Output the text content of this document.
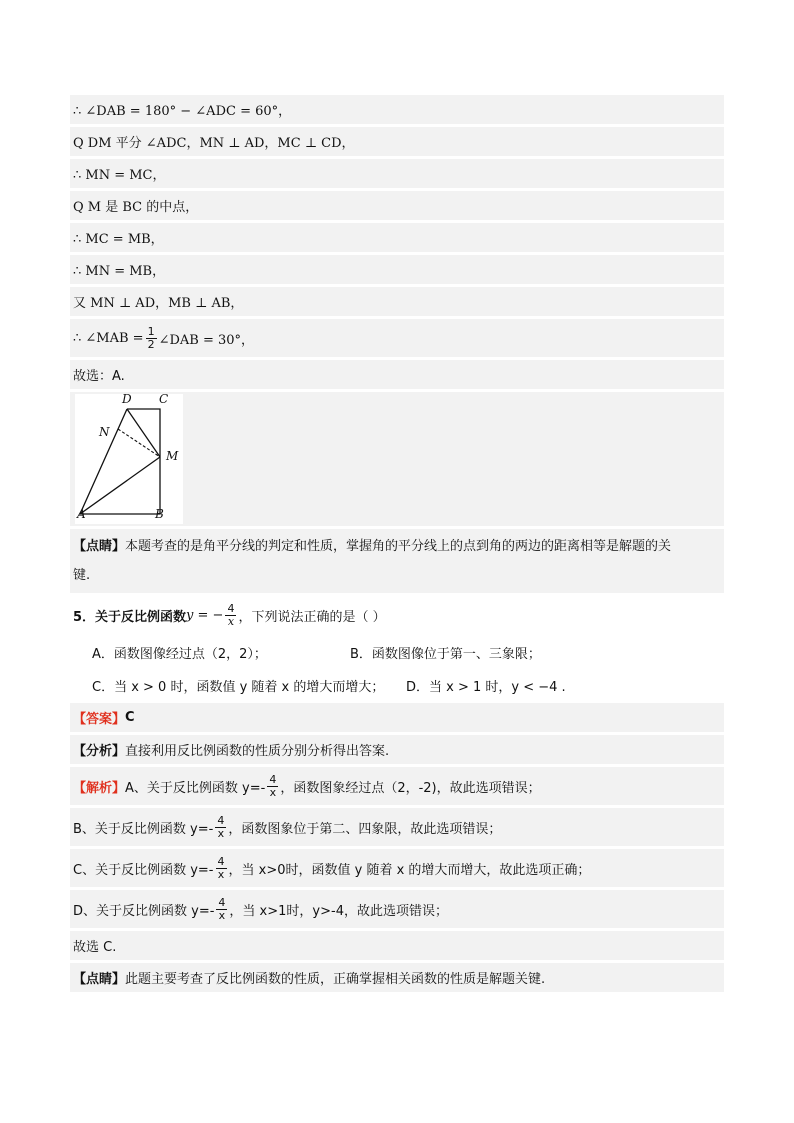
∴ ∠DAB = 180° − ∠ADC = 60°，
Q DM 平分 ∠ADC，MN ⊥ AD，MC ⊥ CD，
∴ MN = MC，
Q M 是 BC 的中点，
∴ MC = MB，
∴ MN = MB，
又 MN ⊥ AD，MB ⊥ AB，
∴ ∠MAB = $\frac{1}{2}$ ∠DAB = 30°，
故选：A.
D C
N
M
A	B
【点睛】本题考查的是角平分线的判定和性质，掌握角的平分线上的点到角的两边的距离相等是解题的关
键.
5．关于反比例函数 y = − $\frac{4}{x}$ ，下列说法正确的是（ ）
A．函数图像经过点（2，2）；	B．函数图像位于第一、三象限；
C．当 x > 0 时，函数值 y 随着 x 的增大而增大； D．当 x > 1 时，y < −4 .
【答案】 C
【分析】 直接利用反比例函数的性质分别分析得出答案.
【解析】 A、关于反比例函数 $y=- \frac{4}{x}$ ，函数图象经过点（2，-2)，故此选项错误；
B、关于反比例函数 $y=- \frac{4}{x}$ ，函数图象位于第二、四象限，故此选项错误；
C、关于反比例函数 $y=- \frac{4}{x}$ ，当 x>0时，函数值 y 随着 x 的增大而增大，故此选项正确；
D、关于反比例函数 $y=- \frac{4}{x}$ ，当 x>1时，y>-4，故此选项错误；
故选 C.
【点睛】 此题主要考查了反比例函数的性质，正确掌握相关函数的性质是解题关键.
